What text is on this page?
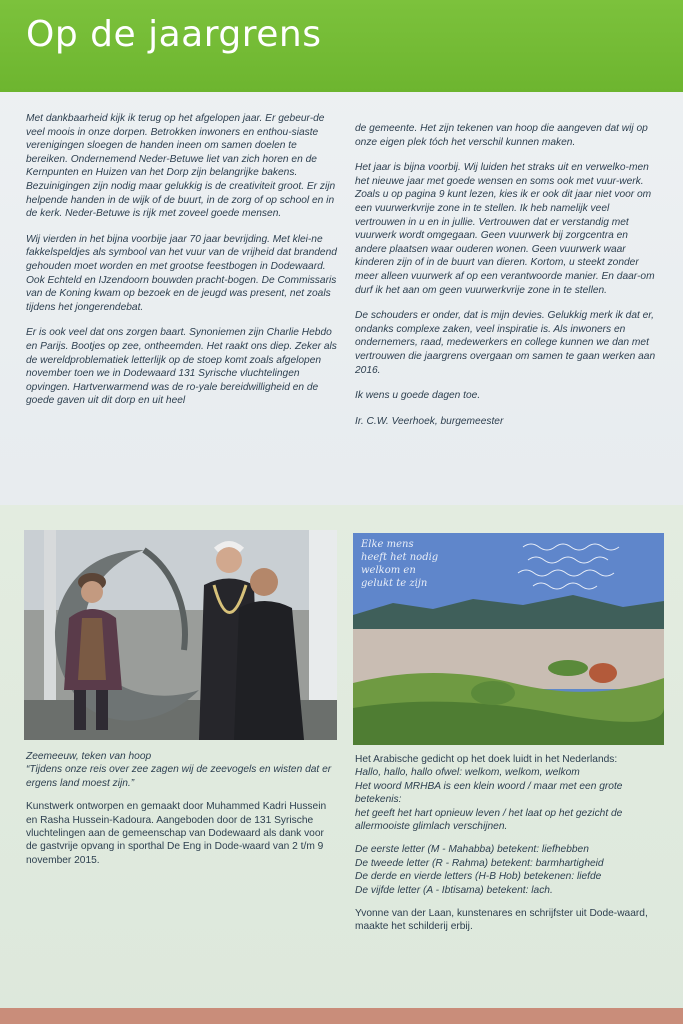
Op de jaargrens

Met dankbaarheid kijk ik terug op het afgelopen jaar. Er gebeur-de veel moois in onze dorpen. Betrokken inwoners en enthou-siaste verenigingen sloegen de handen ineen om samen doelen te bereiken. Ondernemend Neder-Betuwe liet van zich horen en de Kernpunten en Huizen van het Dorp zijn belangrijke bakens. Bezuinigingen zijn nodig maar gelukkig is de creativiteit groot. Er zijn helpende handen in de wijk of de buurt, in de zorg of op school en in de kerk. Neder-Betuwe is rijk met zoveel goede mensen.

Wij vierden in het bijna voorbije jaar 70 jaar bevrijding. Met klei-ne fakkelspeldjes als symbool van het vuur van de vrijheid dat brandend gehouden moet worden en met grootse feestbogen in Dodewaard. Ook Echteld en IJzendoorn bouwden pracht-bogen. De Commissaris van de Koning kwam op bezoek en de jeugd was present, net zoals tijdens het jongerendebat.

Er is ook veel dat ons zorgen baart. Synoniemen zijn Charlie Hebdo en Parijs. Bootjes op zee, ontheemden. Het raakt ons diep. Zeker als de wereldproblematiek letterlijk op de stoep komt zoals afgelopen november toen we in Dodewaard 131 Syrische vluchtelingen opvingen. Hartverwarmend was de ro-yale bereidwilligheid en de goede gaven uit dit dorp en uit heel

de gemeente. Het zijn tekenen van hoop die aangeven dat wij op onze eigen plek tóch het verschil kunnen maken.

Het jaar is bijna voorbij. Wij luiden het straks uit en verwelko-men het nieuwe jaar met goede wensen en soms ook met vuur-werk. Zoals u op pagina 9 kunt lezen, kies ik er ook dit jaar niet voor om een vuurwerkvrije zone in te stellen. Ik heb namelijk veel vertrouwen in u en in jullie. Vertrouwen dat er verstandig met vuurwerk wordt omgegaan. Geen vuurwerk bij zorgcentra en andere plaatsen waar ouderen wonen. Geen vuurwerk waar kinderen zijn of in de buurt van dieren. Kortom, u steekt zonder meer alleen vuurwerk af op een verantwoorde manier. En daar-om durf ik het aan om geen vuurwerkvrije zone in te stellen.

De schouders er onder, dat is mijn devies. Gelukkig merk ik dat er, ondanks complexe zaken, veel inspiratie is. Als inwoners en ondernemers, raad, medewerkers en college kunnen we dan met vertrouwen die jaargrens overgaan om samen te gaan werken aan 2016.

Ik wens u goede dagen toe.

Ir. C.W. Veerhoek, burgemeester

Elke mens
heeft het nodig
welkom en
gelukt te zijn

Zeemeeuw, teken van hoop

“Tijdens onze reis over zee zagen wij de zeevogels en wisten dat er ergens land moest zijn.”

Kunstwerk ontworpen en gemaakt door Muhammed Kadri Hussein en Rasha Hussein-Kadoura. Aangeboden door de 131 Syrische vluchtelingen aan de gemeenschap van Dodewaard als dank voor de gastvrije opvang in sporthal De Eng in Dode-waard van 2 t/m 9 november 2015.

Het Arabische gedicht op het doek luidt in het Nederlands:

Hallo, hallo, hallo ofwel: welkom, welkom, welkom
Het woord MRHBA is een klein woord / maar met een grote betekenis:

het geeft het hart opnieuw leven / het laat op het gezicht de allermooiste glimlach verschijnen.

De eerste letter (M - Mahabba) betekent: liefhebben
De tweede letter (R - Rahma) betekent: barmhartigheid
De derde en vierde letters (H-B Hob) betekenen: liefde

De vijfde letter (A - Ibtisama) betekent: lach.

Yvonne van der Laan, kunstenares en schrijfster uit Dode-waard, maakte het schilderij erbij.
